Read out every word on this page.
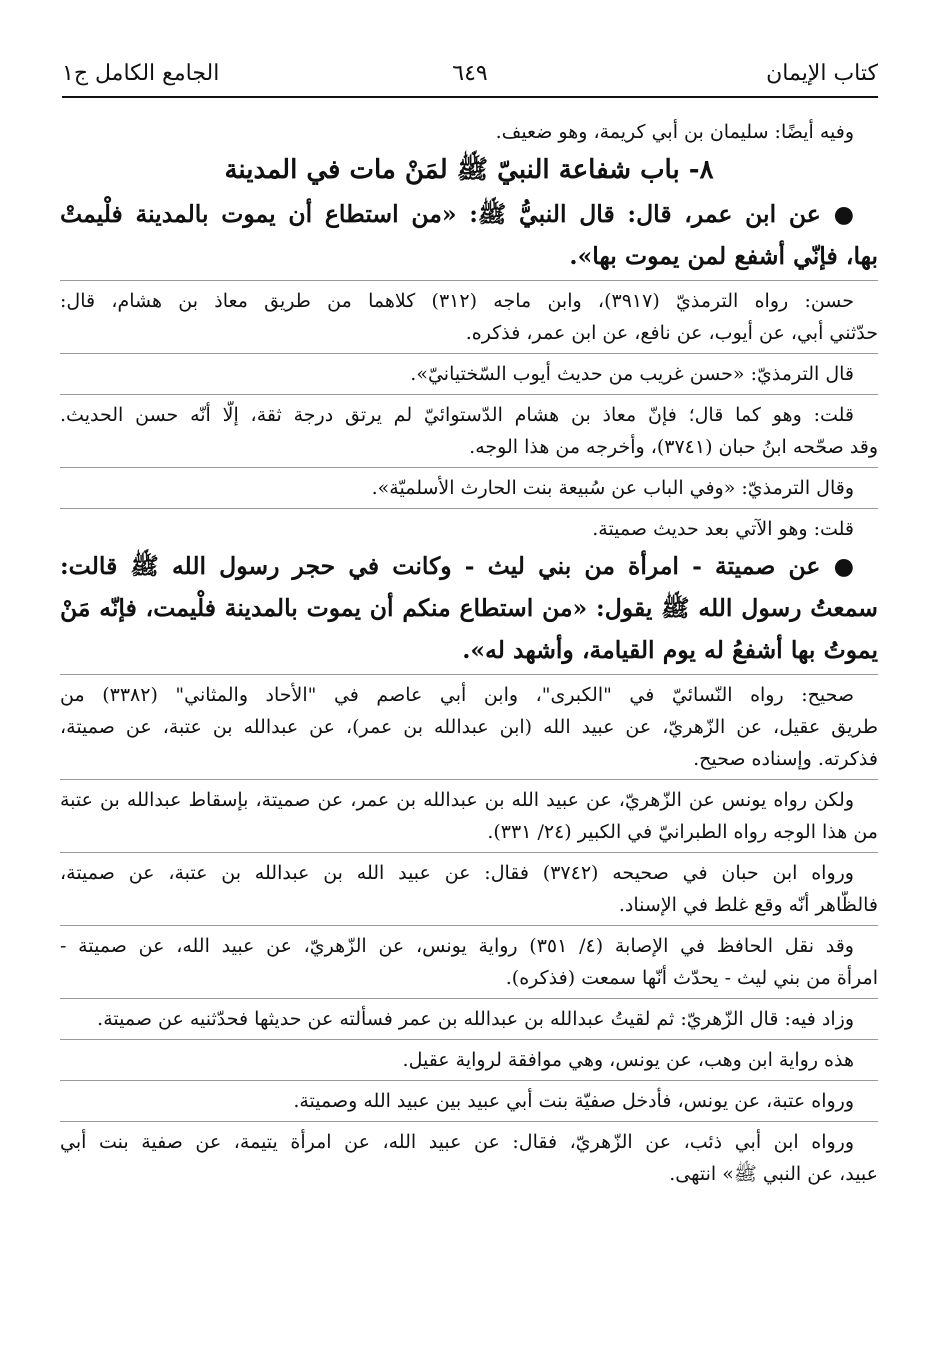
٦٤٩	كتاب الإيمان
الجامع الكامل ج١
وفيه أيضًا: سليمان بن أبي كريمة، وهو ضعيف.
٨- باب شفاعة النبيّ ﷺ لمَنْ مات في المدينة
● عن ابن عمر، قال: قال النبيُّ ﷺ: «من استطاع أن يموت بالمدينة فلْيمتْ
بها، فإنّي أشفع لمن يموت بها».
حسن: رواه الترمذيّ (٣٩١٧)، وابن ماجه (٣١٢) كلاهما من طريق معاذ بن هشام، قال:
حدّثني أبي، عن أيوب، عن نافع، عن ابن عمر، فذكره.
قال الترمذيّ: «حسن غريب من حديث أيوب السّختيانيّ».
قلت: وهو كما قال؛ فإنّ معاذ بن هشام الدّستوائيّ لم يرتق درجة ثقة، إلّا أنّه حسن الحديث.
وقد صحّحه ابنُ حبان (٣٧٤١)، وأخرجه من هذا الوجه.
وقال الترمذيّ: «وفي الباب عن سُبيعة بنت الحارث الأسلميّة».
قلت: وهو الآتي بعد حديث صميتة.
● عن صميتة - امرأة من بني ليث - وكانت في حجر رسول الله ﷺ قالت:
سمعتُ رسول الله ﷺ يقول: «من استطاع منكم أن يموت بالمدينة فلْيمت، فإنّه مَنْ
يموتُ بها أشفعُ له يوم القيامة، وأشهد له».
صحيح: رواه النّسائيّ في "الكبرى"، وابن أبي عاصم في "الأحاد والمثاني" (٣٣٨٢) من
طريق عقيل، عن الزّهريّ، عن عبيد الله (ابن عبدالله بن عمر)، عن عبدالله بن عتبة، عن صميتة،
فذكرته. وإسناده صحيح.
ولكن رواه يونس عن الزّهريّ، عن عبيد الله بن عبدالله بن عمر، عن صميتة، بإسقاط عبدالله بن عتبة
من هذا الوجه رواه الطبرانيّ في الكبير (٢٤/ ٣٣١).
ورواه ابن حبان في صحيحه (٣٧٤٢) فقال: عن عبيد الله بن عبدالله بن عتبة، عن صميتة،
فالظّاهر أنّه وقع غلط في الإسناد.
وقد نقل الحافظ في الإصابة (٤/ ٣٥١) رواية يونس، عن الزّهريّ، عن عبيد الله، عن صميتة -
امرأة من بني ليث - يحدّث أنّها سمعت (فذكره).
وزاد فيه: قال الزّهريّ: ثم لقيتُ عبدالله بن عبدالله بن عمر فسألته عن حديثها فحدّثنيه عن صميتة.
هذه رواية ابن وهب، عن يونس، وهي موافقة لرواية عقيل.
ورواه عتبة، عن يونس، فأدخل صفيّة بنت أبي عبيد بين عبيد الله وصميتة.
ورواه ابن أبي ذئب، عن الزّهريّ، فقال: عن عبيد الله، عن امرأة يتيمة، عن صفية بنت أبي
عبيد، عن النبي ﷺ» انتهى.
